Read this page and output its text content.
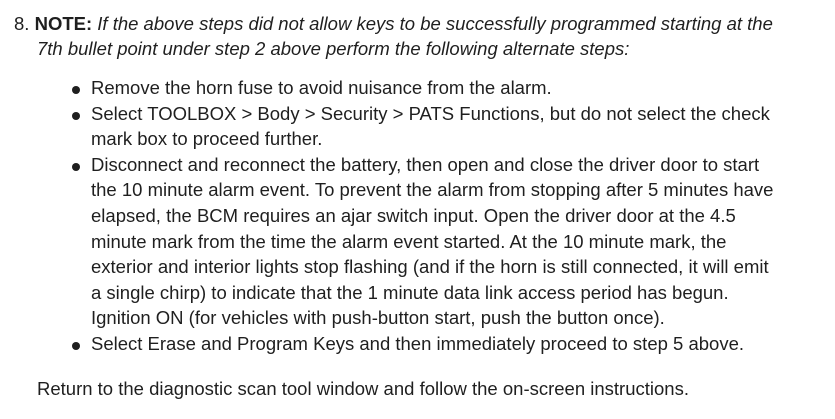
8. NOTE: If the above steps did not allow keys to be successfully programmed starting at the
7th bullet point under step 2 above perform the following alternate steps:
Remove the horn fuse to avoid nuisance from the alarm.
Select TOOLBOX > Body > Security > PATS Functions, but do not select the check
mark box to proceed further.
Disconnect and reconnect the battery, then open and close the driver door to start
the 10 minute alarm event. To prevent the alarm from stopping after 5 minutes have
elapsed, the BCM requires an ajar switch input. Open the driver door at the 4.5
minute mark from the time the alarm event started. At the 10 minute mark, the
exterior and interior lights stop flashing (and if the horn is still connected, it will emit
a single chirp) to indicate that the 1 minute data link access period has begun.
Ignition ON (for vehicles with push-button start, push the button once).
Select Erase and Program Keys and then immediately proceed to step 5 above.
Return to the diagnostic scan tool window and follow the on-screen instructions.
